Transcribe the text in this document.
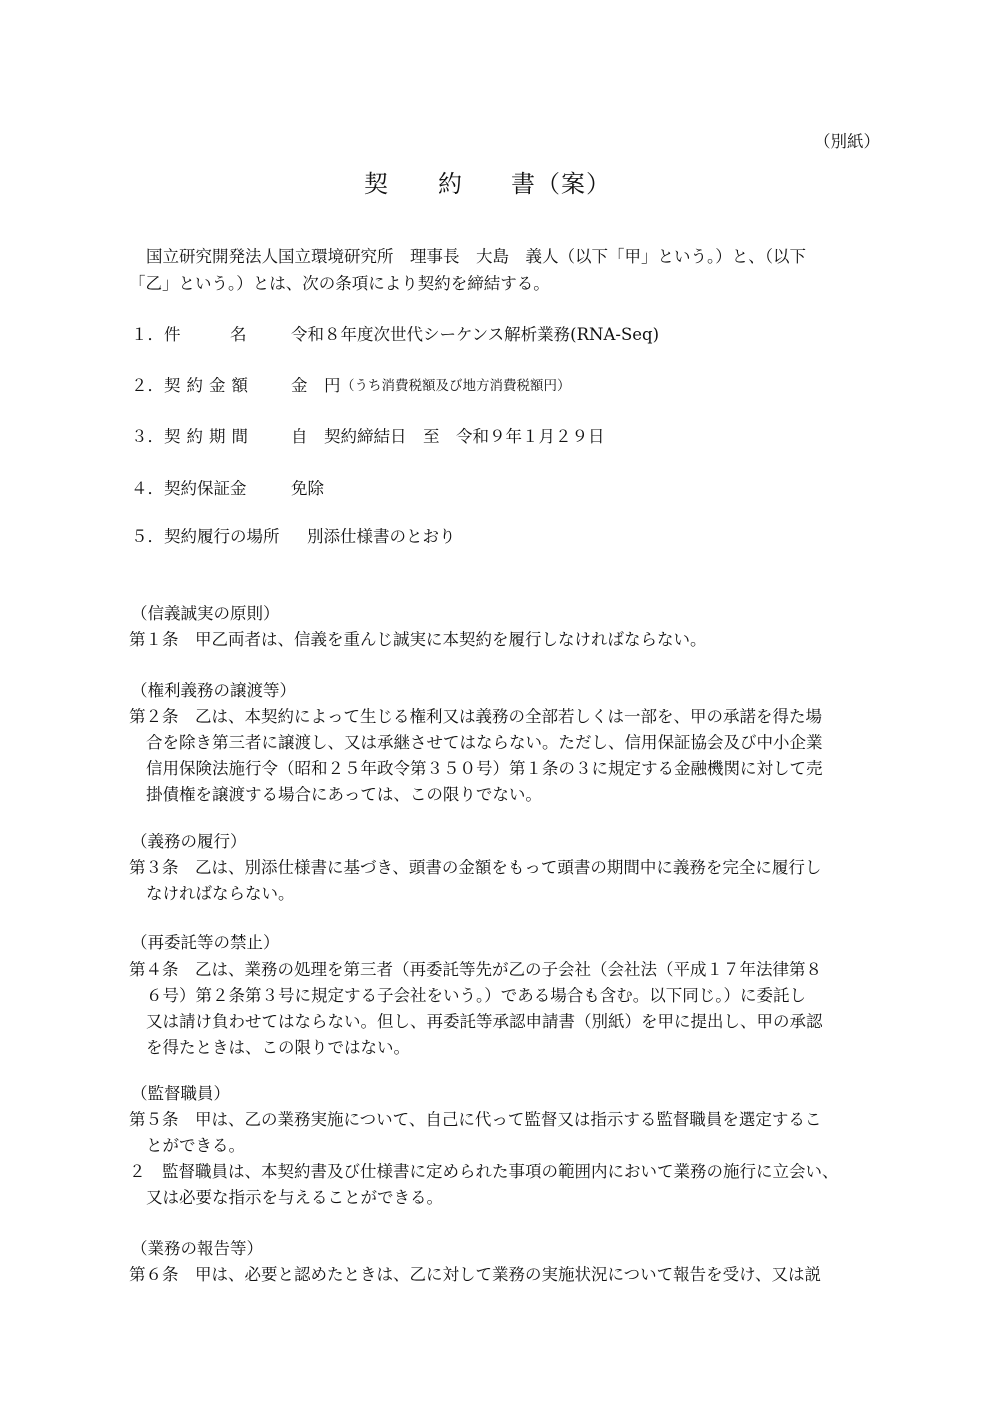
（別紙）
契 約 書 （案）
国立研究開発法人国立環境研究所　理事長　大島　義人（以下「甲」という。）と、（以下
「乙」という。）とは、次の条項により契約を締結する。
１． 件　　　名	令和８年度次世代シーケンス解析業務(RNA-Seq)
２． 契約金額 金　円 （うち消費税額及び地方消費税額円）
３． 契約期間 自　契約締結日　至　令和９年１月２９日
４． 契約保証金	免除
５． 契約履行の場所 別添仕様書のとおり
（信義誠実の原則）
第１条　甲乙両者は、信義を重んじ誠実に本契約を履行しなければならない。
（権利義務の譲渡等）
第２条　乙は、本契約によって生じる権利又は義務の全部若しくは一部を、甲の承諾を得た場
合を除き第三者に譲渡し、又は承継させてはならない。ただし、信用保証協会及び中小企業
信用保険法施行令（昭和２５年政令第３５０号）第１条の３に規定する金融機関に対して売
掛債権を譲渡する場合にあっては、この限りでない。
（義務の履行）
第３条　乙は、別添仕様書に基づき、頭書の金額をもって頭書の期間中に義務を完全に履行し
なければならない。
（再委託等の禁止）
第４条　乙は、業務の処理を第三者（再委託等先が乙の子会社（会社法（平成１７年法律第８
６号）第２条第３号に規定する子会社をいう。）である場合も含む。以下同じ。）に委託し
又は請け負わせてはならない。但し、再委託等承認申請書（別紙）を甲に提出し、甲の承認
を得たときは、この限りではない。
（監督職員）
第５条　甲は、乙の業務実施について、自己に代って監督又は指示する監督職員を選定するこ
とができる。
２　監督職員は、本契約書及び仕様書に定められた事項の範囲内において業務の施行に立会い、
又は必要な指示を与えることができる。
（業務の報告等）
第６条　甲は、必要と認めたときは、乙に対して業務の実施状況について報告を受け、又は説
